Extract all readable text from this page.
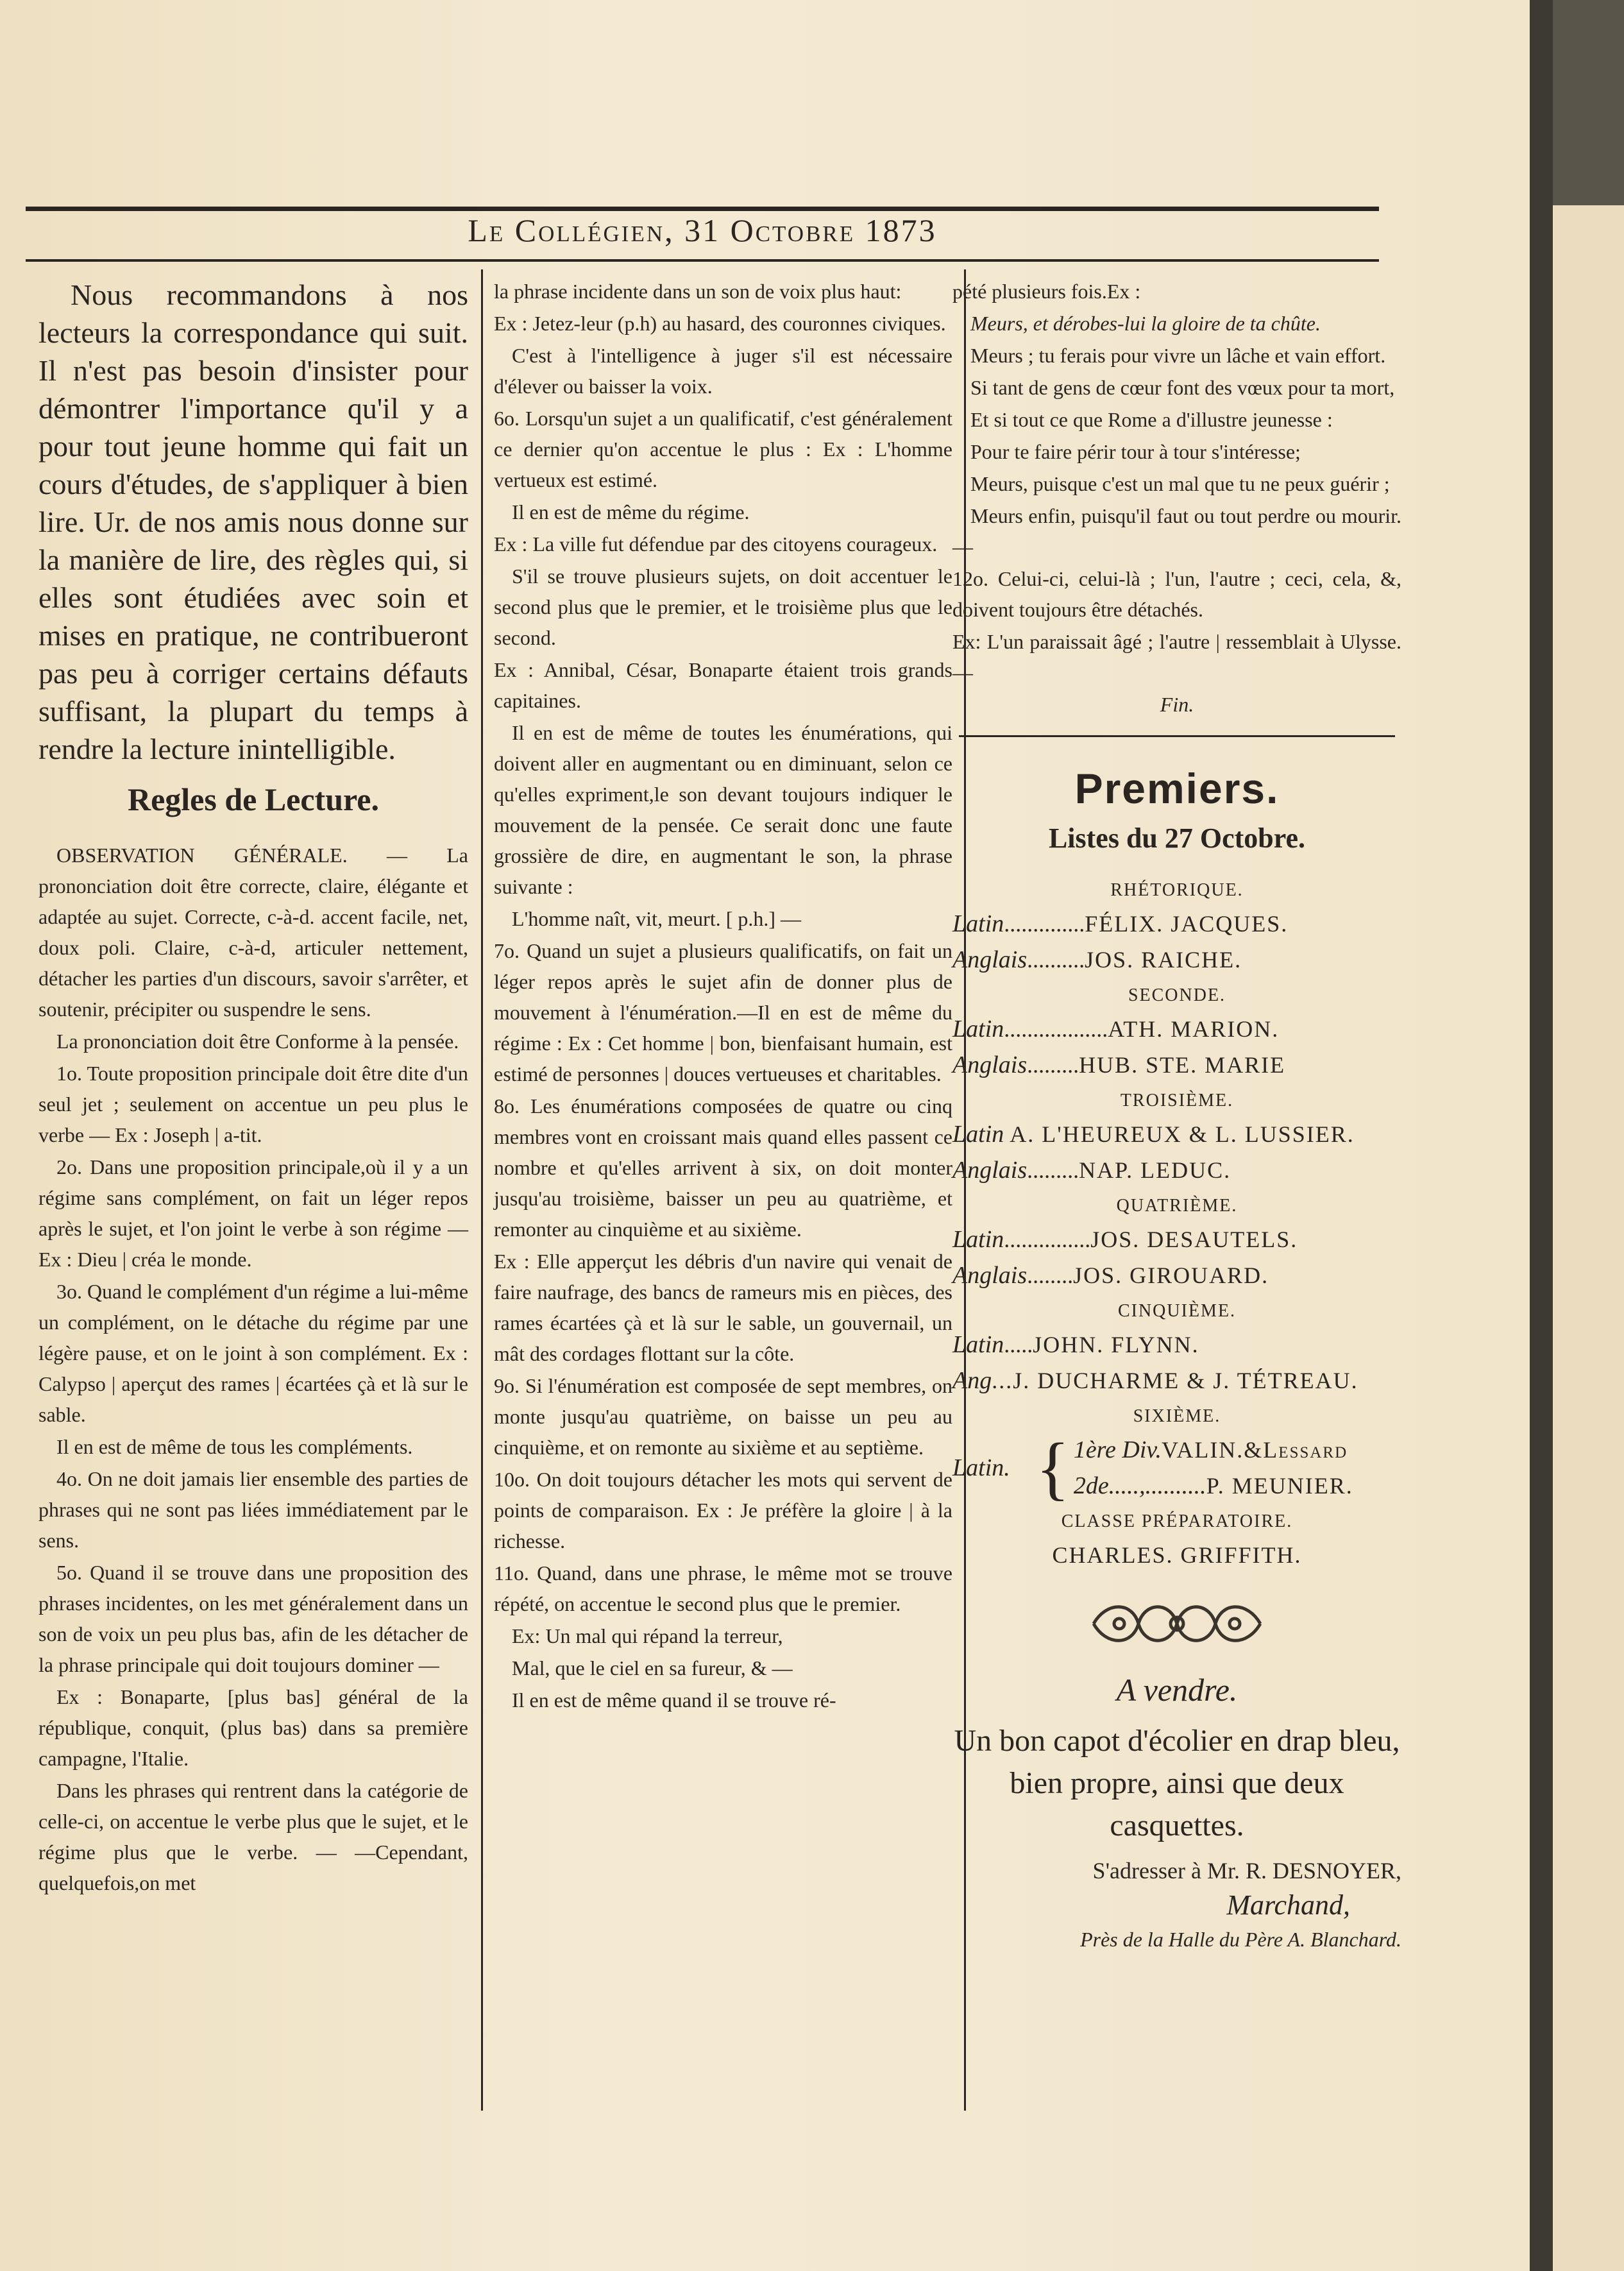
Le Collégien, 31 Octobre 1873

Nous recommandons à nos lecteurs la correspondance qui suit. Il n'est pas besoin d'insister pour démontrer l'importance qu'il y a pour tout jeune homme qui fait un cours d'études, de s'appliquer à bien lire. Ur. de nos amis nous donne sur la manière de lire, des règles qui, si elles sont étudiées avec soin et mises en pratique, ne contribueront pas peu à corriger certains défauts suffisant, la plupart du temps à rendre la lecture inintelligible.

Regles de Lecture.

OBSERVATION GÉNÉRALE. — La prononciation doit être correcte, claire, élégante et adaptée au sujet. Correcte, c-à-d. accent facile, net, doux poli. Claire, c-à-d, articuler nettement, détacher les parties d'un discours, savoir s'arrêter, et soutenir, précipiter ou suspendre le sens.

La prononciation doit être Conforme à la pensée.

1o. Toute proposition principale doit être dite d'un seul jet ; seulement on accentue un peu plus le verbe — Ex : Joseph | a-tit.

2o. Dans une proposition principale,où il y a un régime sans complément, on fait un léger repos après le sujet, et l'on joint le verbe à son régime — Ex : Dieu | créa le monde.

3o. Quand le complément d'un régime a lui-même un complément, on le détache du régime par une légère pause, et on le joint à son complément. Ex : Calypso | aperçut des rames | écartées çà et là sur le sable.

Il en est de même de tous les compléments.

4o. On ne doit jamais lier ensemble des parties de phrases qui ne sont pas liées immédiatement par le sens.

5o. Quand il se trouve dans une proposition des phrases incidentes, on les met généralement dans un son de voix un peu plus bas, afin de les détacher de la phrase principale qui doit toujours dominer —

Ex : Bonaparte, [plus bas] général de la république, conquit, (plus bas) dans sa première campagne, l'Italie.

Dans les phrases qui rentrent dans la catégorie de celle-ci, on accentue le verbe plus que le sujet, et le régime plus que le verbe. — —Cependant, quelquefois,on met

la phrase incidente dans un son de voix plus haut:

Ex : Jetez-leur (p.h) au hasard, des couronnes civiques.

C'est à l'intelligence à juger s'il est nécessaire d'élever ou baisser la voix.

6o. Lorsqu'un sujet a un qualificatif, c'est généralement ce dernier qu'on accentue le plus : Ex : L'homme vertueux est estimé.

Il en est de même du régime.

Ex : La ville fut défendue par des citoyens courageux.

S'il se trouve plusieurs sujets, on doit accentuer le second plus que le premier, et le troisième plus que le second.

Ex : Annibal, César, Bonaparte étaient trois grands capitaines.

Il en est de même de toutes les énumérations, qui doivent aller en augmentant ou en diminuant, selon ce qu'elles expriment,le son devant toujours indiquer le mouvement de la pensée. Ce serait donc une faute grossière de dire, en augmentant le son, la phrase suivante :

L'homme naît, vit, meurt. [ p.h.] —

7o. Quand un sujet a plusieurs qualificatifs, on fait un léger repos après le sujet afin de donner plus de mouvement à l'énumération.—Il en est de même du régime : Ex : Cet homme | bon, bienfaisant humain, est estimé de personnes | douces vertueuses et charitables.

8o. Les énumérations composées de quatre ou cinq membres vont en croissant mais quand elles passent ce nombre et qu'elles arrivent à six, on doit monter jusqu'au troisième, baisser un peu au quatrième, et remonter au cinquième et au sixième.

Ex : Elle apperçut les débris d'un navire qui venait de faire naufrage, des bancs de rameurs mis en pièces, des rames écartées çà et là sur le sable, un gouvernail, un mât des cordages flottant sur la côte.

9o. Si l'énumération est composée de sept membres, on monte jusqu'au quatrième, on baisse un peu au cinquième, et on remonte au sixième et au septième.

10o. On doit toujours détacher les mots qui servent de points de comparaison. Ex : Je préfère la gloire | à la richesse.

11o. Quand, dans une phrase, le même mot se trouve répété, on accentue le second plus que le premier.

Ex: Un mal qui répand la terreur,

Mal, que le ciel en sa fureur, & —

Il en est de même quand il se trouve ré-

pété plusieurs fois.Ex :

Meurs, et dérobes-lui la gloire de ta chûte.

Meurs ; tu ferais pour vivre un lâche et vain effort.

Si tant de gens de cœur font des vœux pour ta mort,

Et si tout ce que Rome a d'illustre jeunesse :

Pour te faire périr tour à tour s'intéresse;

Meurs, puisque c'est un mal que tu ne peux guérir ;

Meurs enfin, puisqu'il faut ou tout perdre ou mourir.—

12o. Celui-ci, celui-là ; l'un, l'autre ; ceci, cela, &, doivent toujours être détachés.

Ex: L'un paraissait âgé ; l'autre | ressemblait à Ulysse. —

Fin.

Premiers.
Listes du 27 Octobre.
RHÉTORIQUE.
Latin..............FÉLIX. JACQUES.
Anglais..........JOS. RAICHE.
SECONDE.
Latin..................ATH. MARION.
Anglais.........HUB. STE. MARIE
TROISIÈME.
Latin A. L'HEUREUX & L. LUSSIER.
Anglais.........NAP. LEDUC.
QUATRIÈME.
Latin...............JOS. DESAUTELS.
Anglais........JOS. GIROUARD.
CINQUIÈME.
Latin.....JOHN. FLYNN.
Ang...J. DUCHARME & J. TÉTREAU.
SIXIÈME.
Latin. { 1ère Div.VALIN.&Lessard
2de.....,..........P. MEUNIER.
CLASSE PRÉPARATOIRE.
CHARLES. GRIFFITH.
A vendre.
Un bon capot d'écolier en drap bleu, bien propre, ainsi que deux casquettes.
S'adresser à Mr. R. DESNOYER,
Marchand,
Près de la Halle du Père A. Blanchard.
